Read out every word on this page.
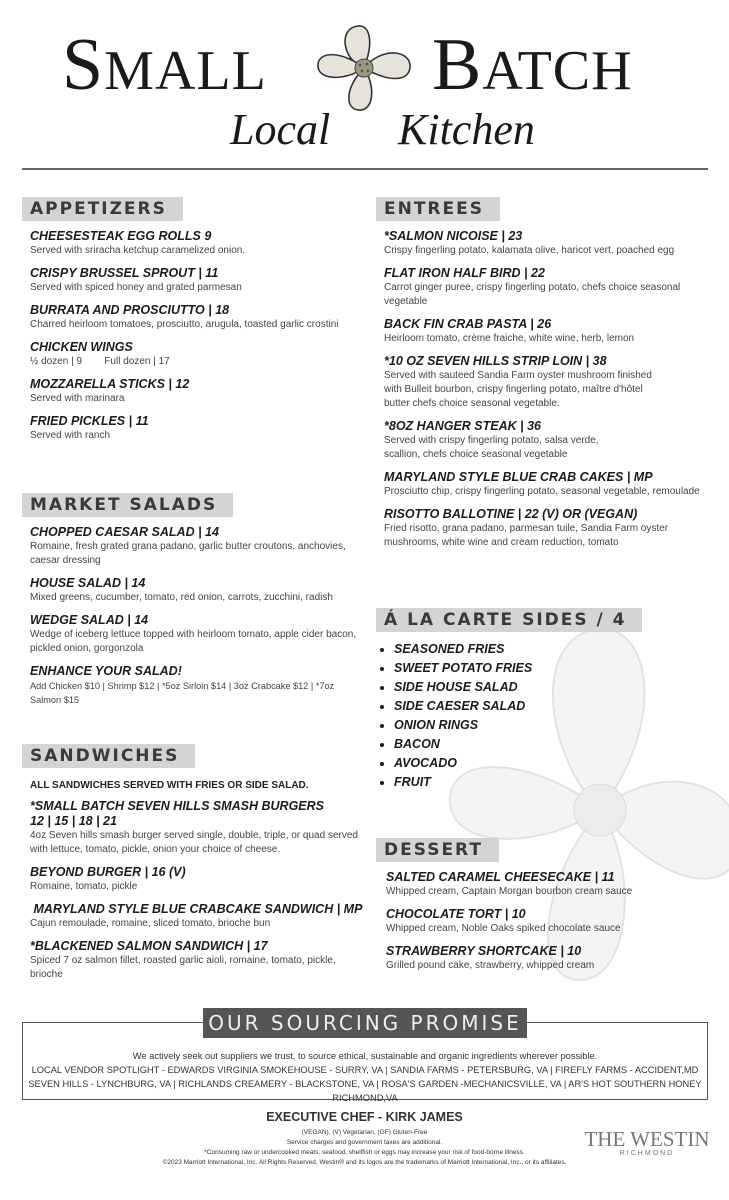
SMALL BATCH
Local Kitchen
APPETIZERS
CHEESESTEAK EGG ROLLS 9
Served with sriracha ketchup caramelized onion.
CRISPY BRUSSEL SPROUT | 11
Served with spiced honey and grated parmesan
BURRATA AND PROSCIUTTO | 18
Charred heirloom tomatoes, prosciutto, arugula, toasted garlic crostini
CHICKEN WINGS
½ dozen | 9        Full dozen | 17
MOZZARELLA STICKS | 12
Served with marinara
FRIED PICKLES | 11
Served with ranch
MARKET SALADS
CHOPPED CAESAR SALAD | 14
Romaine, fresh grated grana padano, garlic butter croutons, anchovies, caesar dressing
HOUSE SALAD | 14
Mixed greens, cucumber, tomato, red onion, carrots, zucchini, radish
WEDGE SALAD | 14
Wedge of iceberg lettuce topped with heirloom tomato, apple cider bacon, pickled onion, gorgonzola
ENHANCE YOUR SALAD!
Add Chicken $10 | Shrimp $12 | *5oz Sirloin $14 | 3oz Crabcake $12 | *7oz Salmon $15
SANDWICHES
ALL SANDWICHES SERVED WITH FRIES OR SIDE SALAD.
*SMALL BATCH SEVEN HILLS SMASH BURGERS
12 | 15 | 18 | 21
4oz Seven hills smash burger served single, double, triple, or quad served with lettuce, tomato, pickle, onion your choice of cheese.
BEYOND BURGER | 16 (V)
Romaine, tomato, pickle
MARYLAND STYLE BLUE CRABCAKE SANDWICH | MP
Cajun remoulade, romaine, sliced tomato, brioche bun
*BLACKENED SALMON SANDWICH | 17
Spiced 7 oz salmon fillet, roasted garlic aioli, romaine, tomato, pickle, brioche
ENTREES
*SALMON NICOISE | 23
Crispy fingerling potato, kalamata olive, haricot vert, poached egg
FLAT IRON HALF BIRD | 22
Carrot ginger puree, crispy fingerling potato, chefs choice seasonal vegetable
BACK FIN CRAB PASTA | 26
Heirloom tomato, crème fraiche, white wine, herb, lemon
*10 OZ SEVEN HILLS STRIP LOIN | 38
Served with sauteed Sandia Farm oyster mushroom finished with Bulleit bourbon, crispy fingerling potato, maître d'hôtel butter chefs choice seasonal vegetable.
*8OZ HANGER STEAK | 36
Served with crispy fingerling potato, salsa verde, scallion, chefs choice seasonal vegetable
MARYLAND STYLE BLUE CRAB CAKES | MP
Prosciutto chip, crispy fingerling potato, seasonal vegetable, remoulade
RISOTTO BALLOTINE | 22 (V) OR (VEGAN)
Fried risotto, grana padano, parmesan tuile, Sandia Farm oyster mushrooms, white wine and cream reduction, tomato
Á LA CARTE SIDES / 4
• SEASONED FRIES
• SWEET POTATO FRIES
• SIDE HOUSE SALAD
• SIDE CAESER SALAD
• ONION RINGS
• BACON
• AVOCADO
• FRUIT
DESSERT
SALTED CARAMEL CHEESECAKE | 11
Whipped cream, Captain Morgan bourbon cream sauce
CHOCOLATE TORT | 10
Whipped cream, Noble Oaks spiked chocolate sauce
STRAWBERRY SHORTCAKE | 10
Grilled pound cake, strawberry, whipped cream
OUR SOURCING PROMISE
We actively seek out suppliers we trust, to source ethical, sustainable and organic ingredients wherever possible.
LOCAL VENDOR SPOTLIGHT - EDWARDS VIRGINIA SMOKEHOUSE - SURRY, VA | SANDIA FARMS - PETERSBURG, VA | FIREFLY FARMS - ACCIDENT,MD
SEVEN HILLS - LYNCHBURG, VA | RICHLANDS CREAMERY - BLACKSTONE, VA | ROSA'S GARDEN -MECHANICSVILLE, VA | AR'S HOT SOUTHERN HONEY RICHMOND,VA
EXECUTIVE CHEF - KIRK JAMES
(VEGAN), (V) Vegetarian, (GF) Gluten-Free
Service charges and government taxes are additional.
*Consuming raw or undercooked meats, seafood, shellfish or eggs may increase your risk of food-borne illness.
©2023 Marriott International, Inc. All Rights Reserved. Westin® and its logos are the trademarks of Marriott International, Inc., or its affiliates.
THE WESTIN
RICHMOND
